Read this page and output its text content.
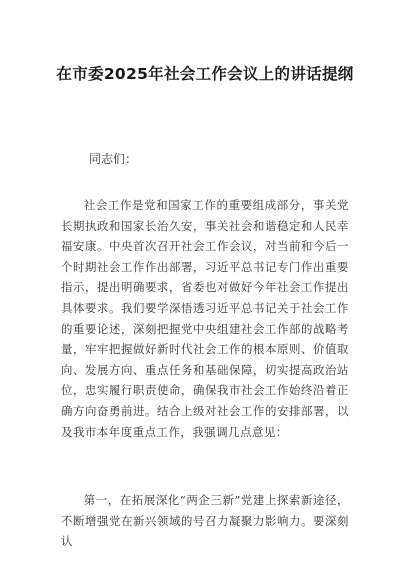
在市委2025年社会工作会议上的讲话提纲

同志们：

社会工作是党和国家工作的重要组成部分，事关党长期执政和国家长治久安，事关社会和谐稳定和人民幸福安康。中央首次召开社会工作会议，对当前和今后一个时期社会工作作出部署，习近平总书记专门作出重要指示，提出明确要求，省委也对做好今年社会工作提出具体要求。我们要学深悟透习近平总书记关于社会工作的重要论述，深刻把握党中央组建社会工作部的战略考量，牢牢把握做好新时代社会工作的根本原则、价值取向、发展方向、重点任务和基础保障，切实提高政治站位，忠实履行职责使命，确保我市社会工作始终沿着正确方向奋勇前进。结合上级对社会工作的安排部署，以及我市本年度重点工作，我强调几点意见：

第一，在拓展深化“两企三新”党建上探索新途径，不断增强党在新兴领域的号召力凝聚力影响力。要深刻认
